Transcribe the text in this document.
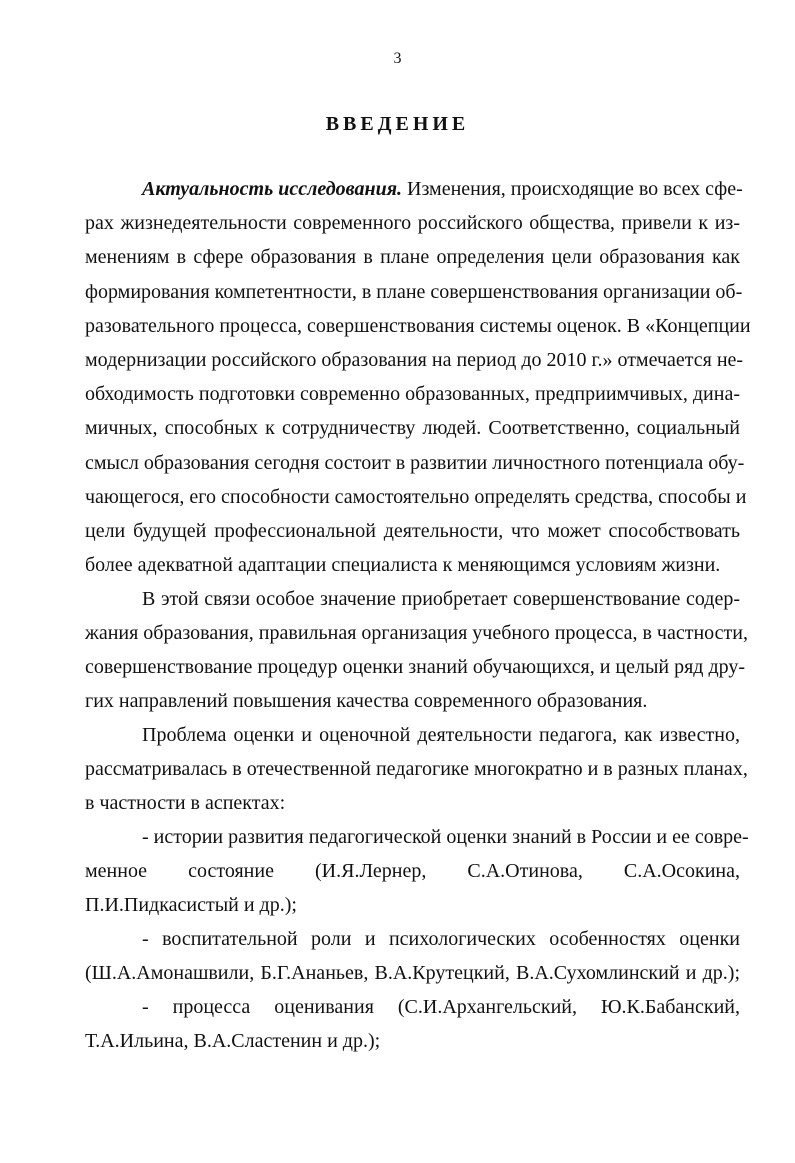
3
ВВЕДЕНИЕ
Актуальность исследования. Изменения, происходящие во всех сфе-
рах жизнедеятельности современного российского общества, привели к из-
менениям в сфере образования в плане определения цели образования как
формирования компетентности, в плане совершенствования организации об-
разовательного процесса, совершенствования системы оценок. В «Концепции
модернизации российского образования на период до 2010 г.» отмечается не-
обходимость подготовки современно образованных, предприимчивых, дина-
мичных, способных к сотрудничеству людей. Соответственно, социальный
смысл образования сегодня состоит в развитии личностного потенциала обу-
чающегося, его способности самостоятельно определять средства, способы и
цели будущей профессиональной деятельности, что может способствовать
более адекватной адаптации специалиста к меняющимся условиям жизни.
В этой связи особое значение приобретает совершенствование содер-
жания образования, правильная организация учебного процесса, в частности,
совершенствование процедур оценки знаний обучающихся, и целый ряд дру-
гих направлений повышения качества современного образования.
Проблема оценки и оценочной деятельности педагога, как известно,
рассматривалась в отечественной педагогике многократно и в разных планах,
в частности в аспектах:
- истории развития педагогической оценки знаний в России и ее совре-
менное состояние (И.Я.Лернер, С.А.Отинова, С.А.Осокина,
П.И.Пидкасистый и др.);
- воспитательной роли и психологических особенностях оценки
(Ш.А.Амонашвили, Б.Г.Ананьев, В.А.Крутецкий, В.А.Сухомлинский и др.);
- процесса оценивания (С.И.Архангельский, Ю.К.Бабанский,
Т.А.Ильина, В.А.Сластенин и др.);
